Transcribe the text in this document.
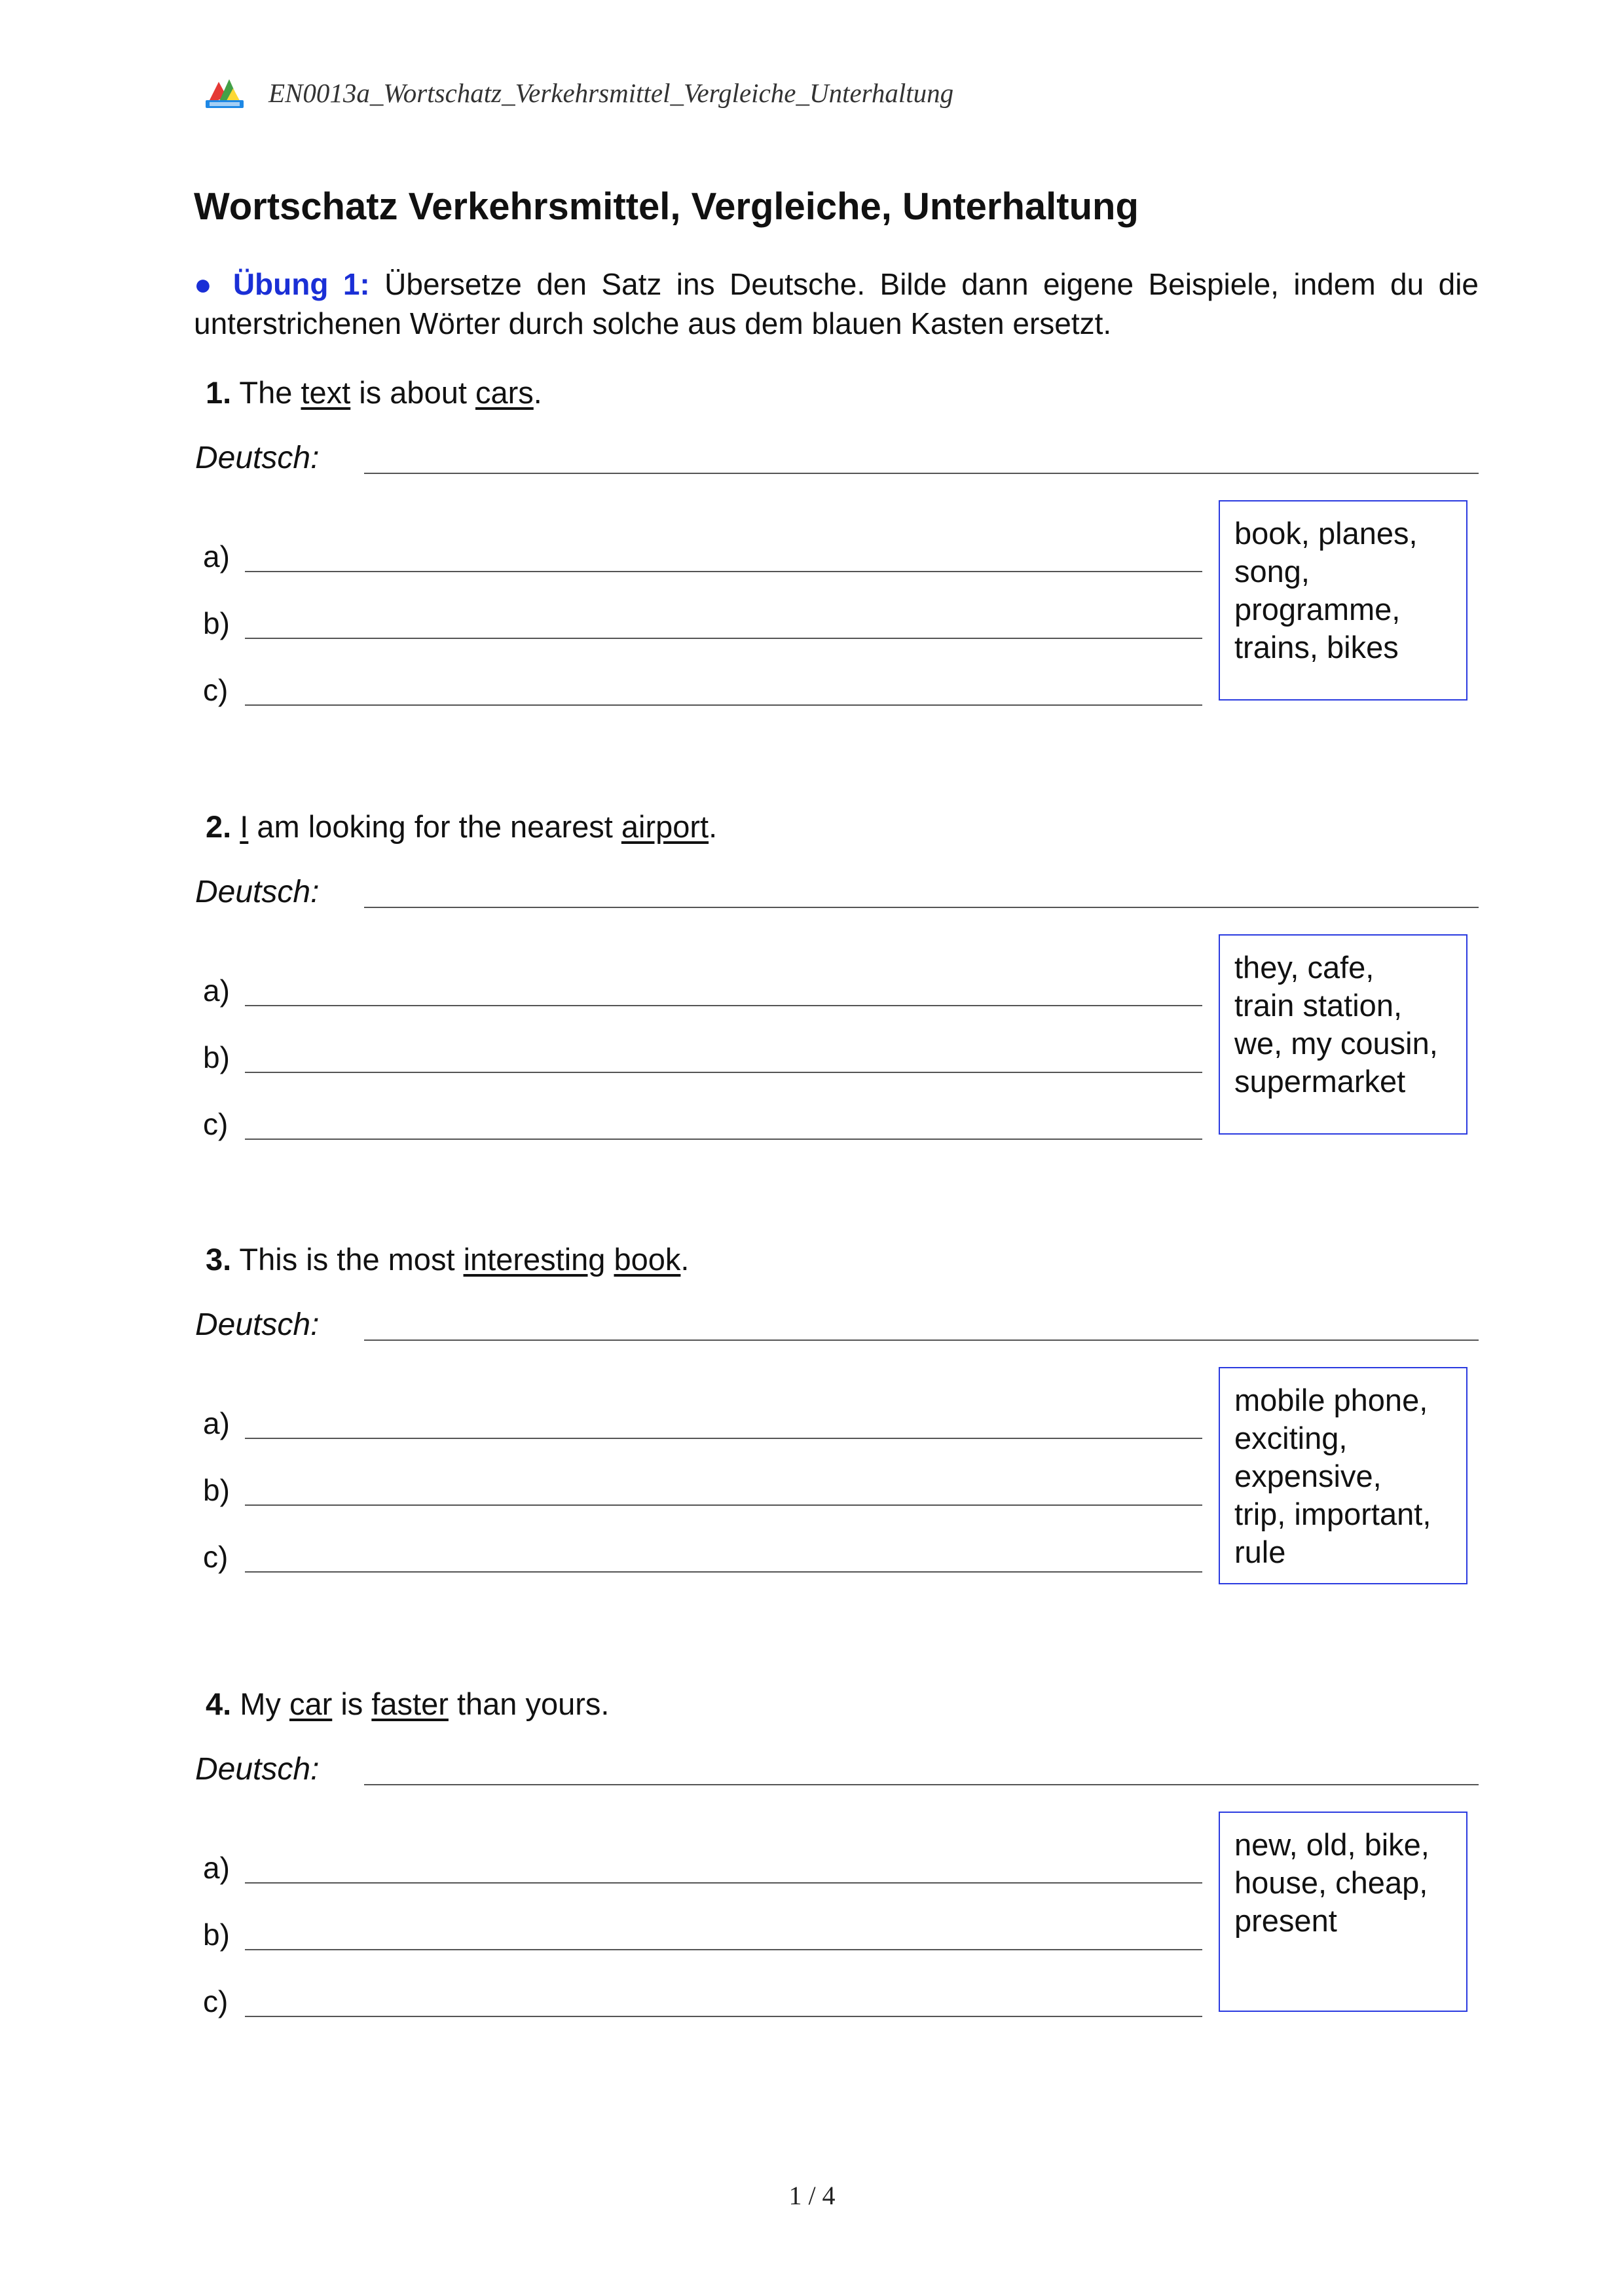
EN0013a_Wortschatz_Verkehrsmittel_Vergleiche_Unterhaltung
Wortschatz Verkehrsmittel, Vergleiche, Unterhaltung
● Übung 1: Übersetze den Satz ins Deutsche. Bilde dann eigene Beispiele, indem du die unterstrichenen Wörter durch solche aus dem blauen Kasten ersetzt.
1. The text is about cars.
Deutsch:
a)
b)
c)
book, planes,
song,
programme,
trains, bikes
2. I am looking for the nearest airport.
Deutsch:
a)
b)
c)
they, cafe,
train station,
we, my cousin,
supermarket
3. This is the most interesting book.
Deutsch:
a)
b)
c)
mobile phone,
exciting,
expensive,
trip, important,
rule
4. My car is faster than yours.
Deutsch:
a)
b)
c)
new, old, bike,
house, cheap,
present
1 / 4
